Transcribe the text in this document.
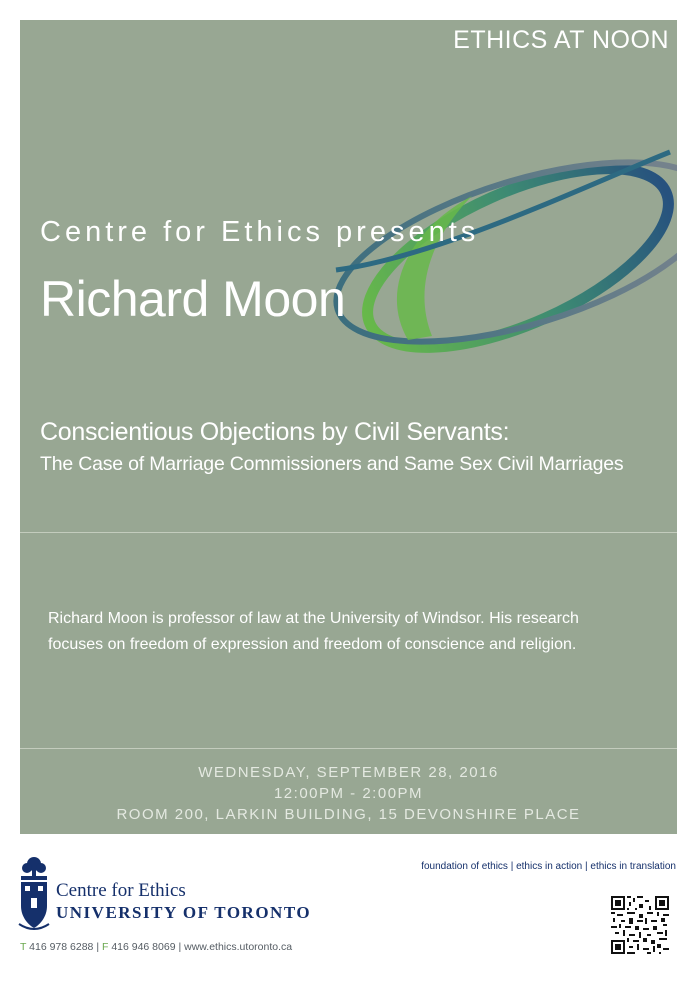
ETHICS AT NOON
Centre for Ethics presents
Richard Moon
Conscientious Objections by Civil Servants:
The Case of Marriage Commissioners and Same Sex Civil Marriages
Richard Moon is professor of law at the University of Windsor. His research
focuses on freedom of expression and freedom of conscience and religion.
WEDNESDAY, SEPTEMBER 28, 2016
12:00PM - 2:00PM
ROOM 200, LARKIN BUILDING, 15 DEVONSHIRE PLACE
Centre for Ethics
UNIVERSITY OF TORONTO
foundation of ethics | ethics in action | ethics in translation
T 416 978 6288 | F 416 946 8069 | www.ethics.utoronto.ca
